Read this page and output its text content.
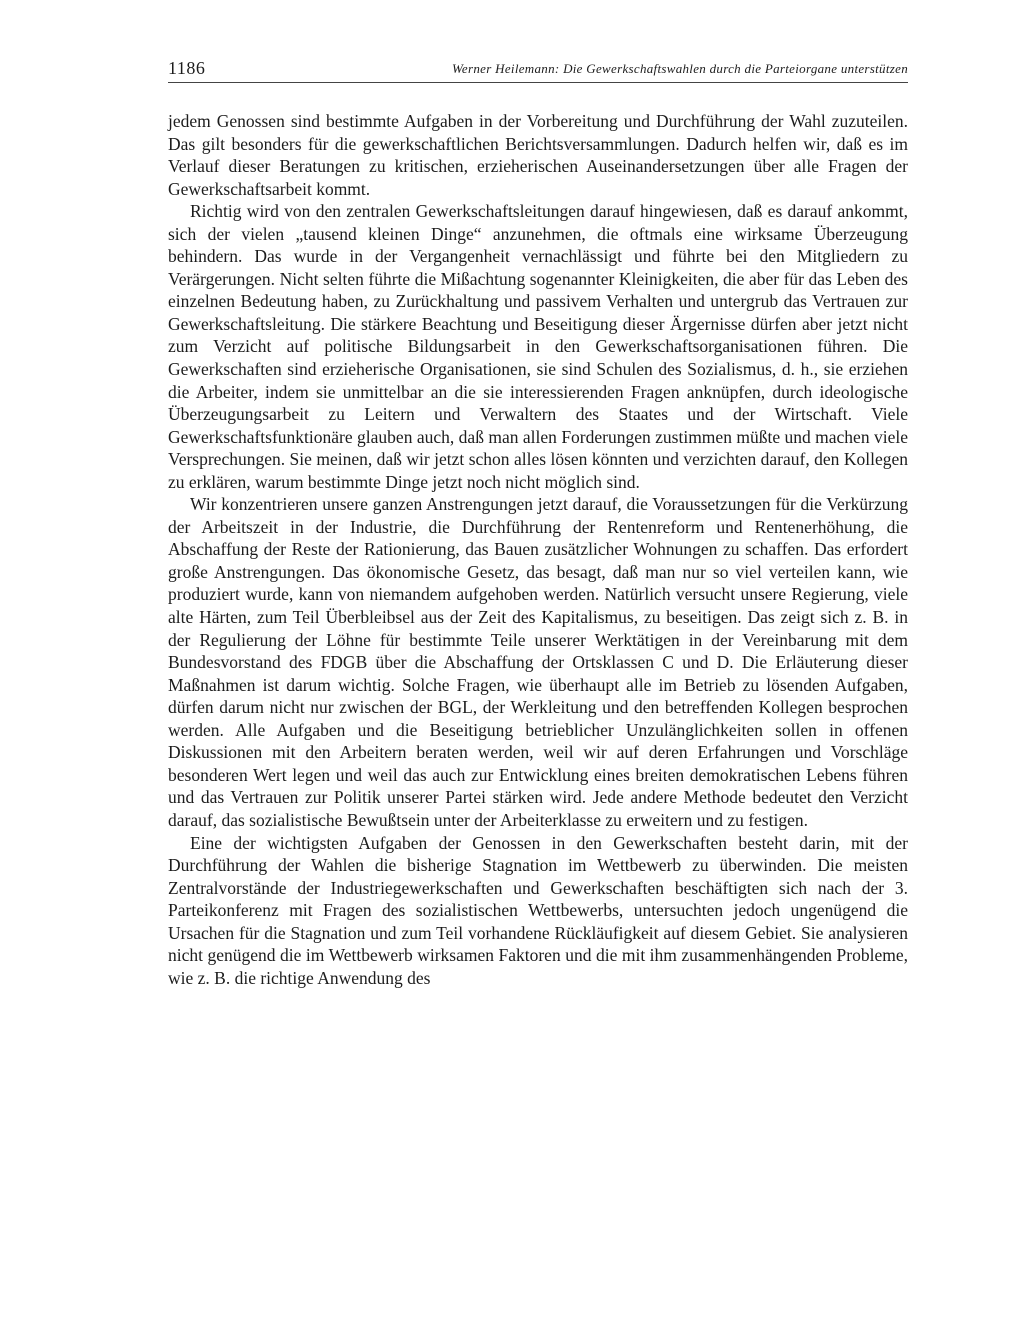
1186	Werner Heilemann: Die Gewerkschaftswahlen durch die Parteiorgane unterstützen

jedem Genossen sind bestimmte Aufgaben in der Vorbereitung und Durchführung der Wahl zuzuteilen. Das gilt besonders für die gewerkschaftlichen Berichtsversammlungen. Dadurch helfen wir, daß es im Verlauf dieser Beratungen zu kritischen, erzieherischen Auseinandersetzungen über alle Fragen der Gewerkschaftsarbeit kommt.

Richtig wird von den zentralen Gewerkschaftsleitungen darauf hingewiesen, daß es darauf ankommt, sich der vielen „tausend kleinen Dinge“ anzunehmen, die oftmals eine wirksame Überzeugung behindern. Das wurde in der Vergangenheit vernachlässigt und führte bei den Mitgliedern zu Verärgerungen. Nicht selten führte die Mißachtung sogenannter Kleinigkeiten, die aber für das Leben des einzelnen Bedeutung haben, zu Zurückhaltung und passivem Verhalten und untergrub das Vertrauen zur Gewerkschaftsleitung. Die stärkere Beachtung und Beseitigung dieser Ärgernisse dürfen aber jetzt nicht zum Verzicht auf politische Bildungsarbeit in den Gewerkschaftsorganisationen führen. Die Gewerkschaften sind erzieherische Organisationen, sie sind Schulen des Sozialismus, d. h., sie erziehen die Arbeiter, indem sie unmittelbar an die sie interessierenden Fragen anknüpfen, durch ideologische Überzeugungsarbeit zu Leitern und Verwaltern des Staates und der Wirtschaft. Viele Gewerkschaftsfunktionäre glauben auch, daß man allen Forderungen zustimmen müßte und machen viele Versprechungen. Sie meinen, daß wir jetzt schon alles lösen könnten und verzichten darauf, den Kollegen zu erklären, warum bestimmte Dinge jetzt noch nicht möglich sind.

Wir konzentrieren unsere ganzen Anstrengungen jetzt darauf, die Voraussetzungen für die Verkürzung der Arbeitszeit in der Industrie, die Durchführung der Rentenreform und Rentenerhöhung, die Abschaffung der Reste der Rationierung, das Bauen zusätzlicher Wohnungen zu schaffen. Das erfordert große Anstrengungen. Das ökonomische Gesetz, das besagt, daß man nur so viel verteilen kann, wie produziert wurde, kann von niemandem aufgehoben werden. Natürlich versucht unsere Regierung, viele alte Härten, zum Teil Überbleibsel aus der Zeit des Kapitalismus, zu beseitigen. Das zeigt sich z. B. in der Regulierung der Löhne für bestimmte Teile unserer Werktätigen in der Vereinbarung mit dem Bundesvorstand des FDGB über die Abschaffung der Ortsklassen C und D. Die Erläuterung dieser Maßnahmen ist darum wichtig. Solche Fragen, wie überhaupt alle im Betrieb zu lösenden Aufgaben, dürfen darum nicht nur zwischen der BGL, der Werkleitung und den betreffenden Kollegen besprochen werden. Alle Aufgaben und die Beseitigung betrieblicher Unzulänglichkeiten sollen in offenen Diskussionen mit den Arbeitern beraten werden, weil wir auf deren Erfahrungen und Vorschläge besonderen Wert legen und weil das auch zur Entwicklung eines breiten demokratischen Lebens führen und das Vertrauen zur Politik unserer Partei stärken wird. Jede andere Methode bedeutet den Verzicht darauf, das sozialistische Bewußtsein unter der Arbeiterklasse zu erweitern und zu festigen.

Eine der wichtigsten Aufgaben der Genossen in den Gewerkschaften besteht darin, mit der Durchführung der Wahlen die bisherige Stagnation im Wettbewerb zu überwinden. Die meisten Zentralvorstände der Industriegewerkschaften und Gewerkschaften beschäftigten sich nach der 3. Parteikonferenz mit Fragen des sozialistischen Wettbewerbs, untersuchten jedoch ungenügend die Ursachen für die Stagnation und zum Teil vorhandene Rückläufigkeit auf diesem Gebiet. Sie analysieren nicht genügend die im Wettbewerb wirksamen Faktoren und die mit ihm zusammenhängenden Probleme, wie z. B. die richtige Anwendung des
